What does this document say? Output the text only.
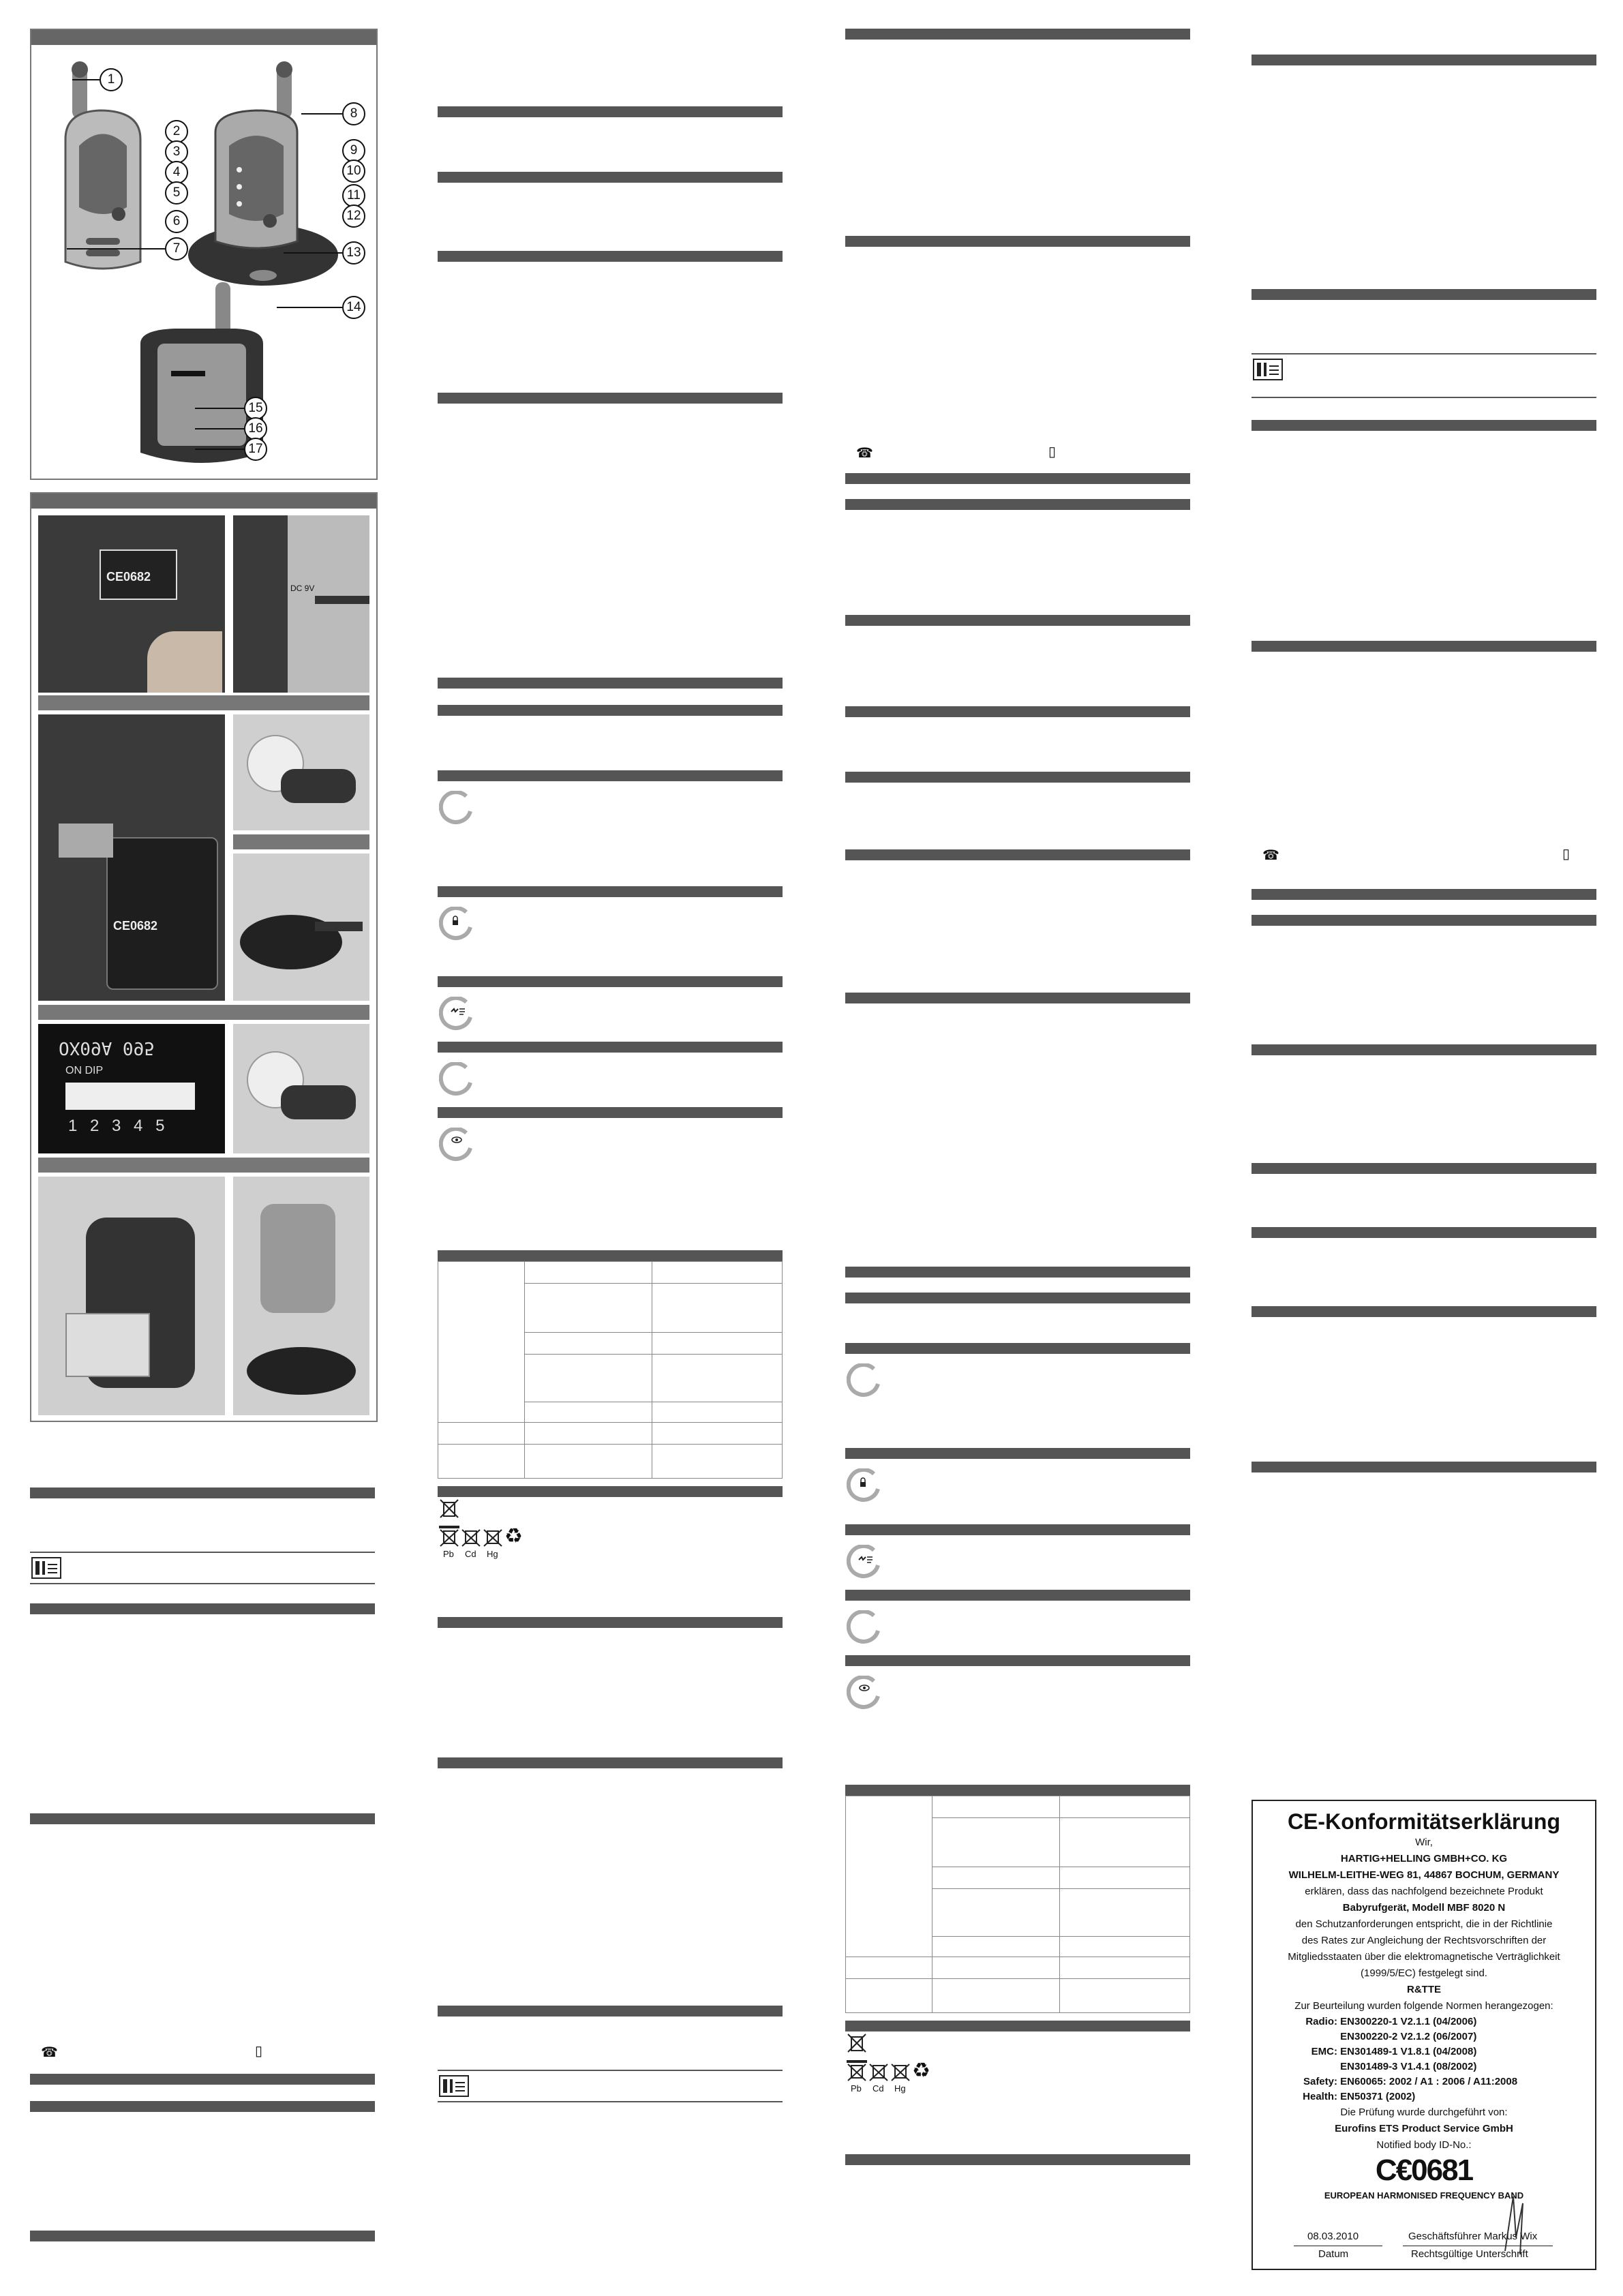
1
2
3
4
5
6
7
8
9
10
11
12
13
14
15
16
17
CE0682
DC 9V
CE0682
OX09A 095
ON DIP
1 2 3 4 5
☎	▯

Pb Cd Hg
♻
☎	▯

Pb Cd Hg
♻
☎	▯
CE-Konformitätserklärung
Wir,
HARTIG+HELLING GMBH+CO. KG
WILHELM-LEITHE-WEG 81, 44867 BOCHUM, GERMANY
erklären, dass das nachfolgend bezeichnete Produkt
Babyrufgerät, Modell MBF 8020 N
den Schutzanforderungen entspricht, die in der Richtlinie
des Rates zur Angleichung der Rechtsvorschriften der
Mitgliedsstaaten über die elektromagnetische Verträglichkeit
(1999/5/EC) festgelegt sind.
R&TTE
Zur Beurteilung wurden folgende Normen herangezogen:
Radio: EN300220-1 V2.1.1 (04/2006)
EN300220-2 V2.1.2 (06/2007)
EMC: EN301489-1 V1.8.1 (04/2008)
EN301489-3 V1.4.1 (08/2002)
Safety: EN60065: 2002 / A1 : 2006 / A11:2008
Health: EN50371 (2002)
Die Prüfung wurde durchgeführt von:
Eurofins ETS Product Service GmbH
Notified body ID-No.:
C€0681
EUROPEAN HARMONISED FREQUENCY BAND
08.03.2010	Geschäftsführer Markus Wix
Datum	Rechtsgültige Unterschrift
